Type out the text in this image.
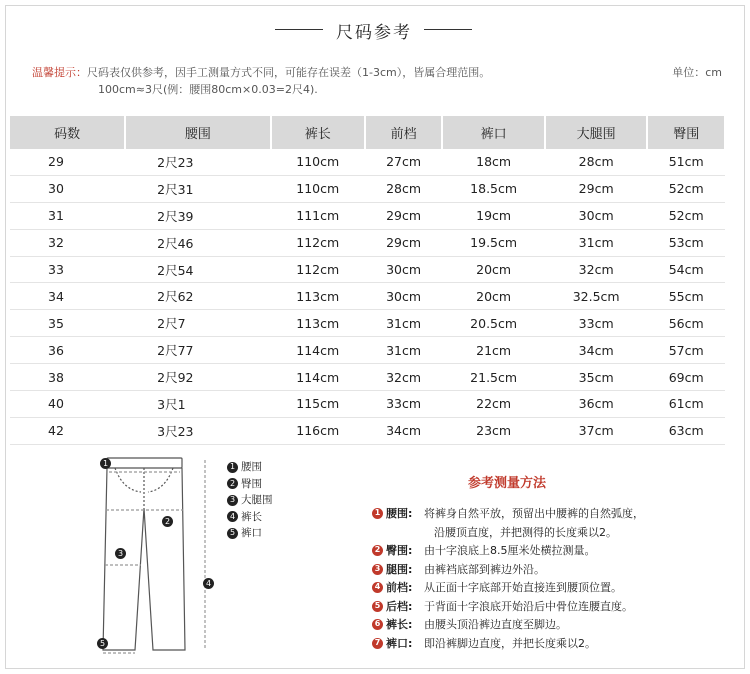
尺码参考
温馨提示：尺码表仅供参考，因手工测量方式不同，可能存在误差（1-3cm），皆属合理范围。
100cm≈3尺(例：腰围80cm×0.03=2尺4).
单位：cm
码数	腰围	裤长	前档	裤口	大腿围	臀围
29	2尺23	110cm	27cm	18cm	28cm	51cm
30	2尺31	110cm	28cm	18.5cm	29cm	52cm
31	2尺39	111cm	29cm	19cm	30cm	52cm
32	2尺46	112cm	29cm	19.5cm	31cm	53cm
33	2尺54	112cm	30cm	20cm	32cm	54cm
34	2尺62	113cm	30cm	20cm	32.5cm	55cm
35	2尺7	113cm	31cm	20.5cm	33cm	56cm
36	2尺77	114cm	31cm	21cm	34cm	57cm
38	2尺92	114cm	32cm	21.5cm	35cm	69cm
40	3尺1	115cm	33cm	22cm	36cm	61cm
42	3尺23	116cm	34cm	23cm	37cm	63cm
1
2
3
4
5
1 腰围
2 臀围
3 大腿围
4 裤长
5 裤口
参考测量方法
1 腰围: 将裤身自然平放，预留出中腰裤的自然弧度，
沿腰顶直度，并把测得的长度乘以2。
2 臀围: 由十字浪底上8.5厘米处横拉测量。
3 腿围: 由裤裆底部到裤边外沿。
4 前档: 从正面十字底部开始直接连到腰顶位置。
5 后档: 于背面十字浪底开始沿后中骨位连腰直度。
6 裤长: 由腰头顶沿裤边直度至脚边。
7 裤口: 即沿裤脚边直度，并把长度乘以2。
